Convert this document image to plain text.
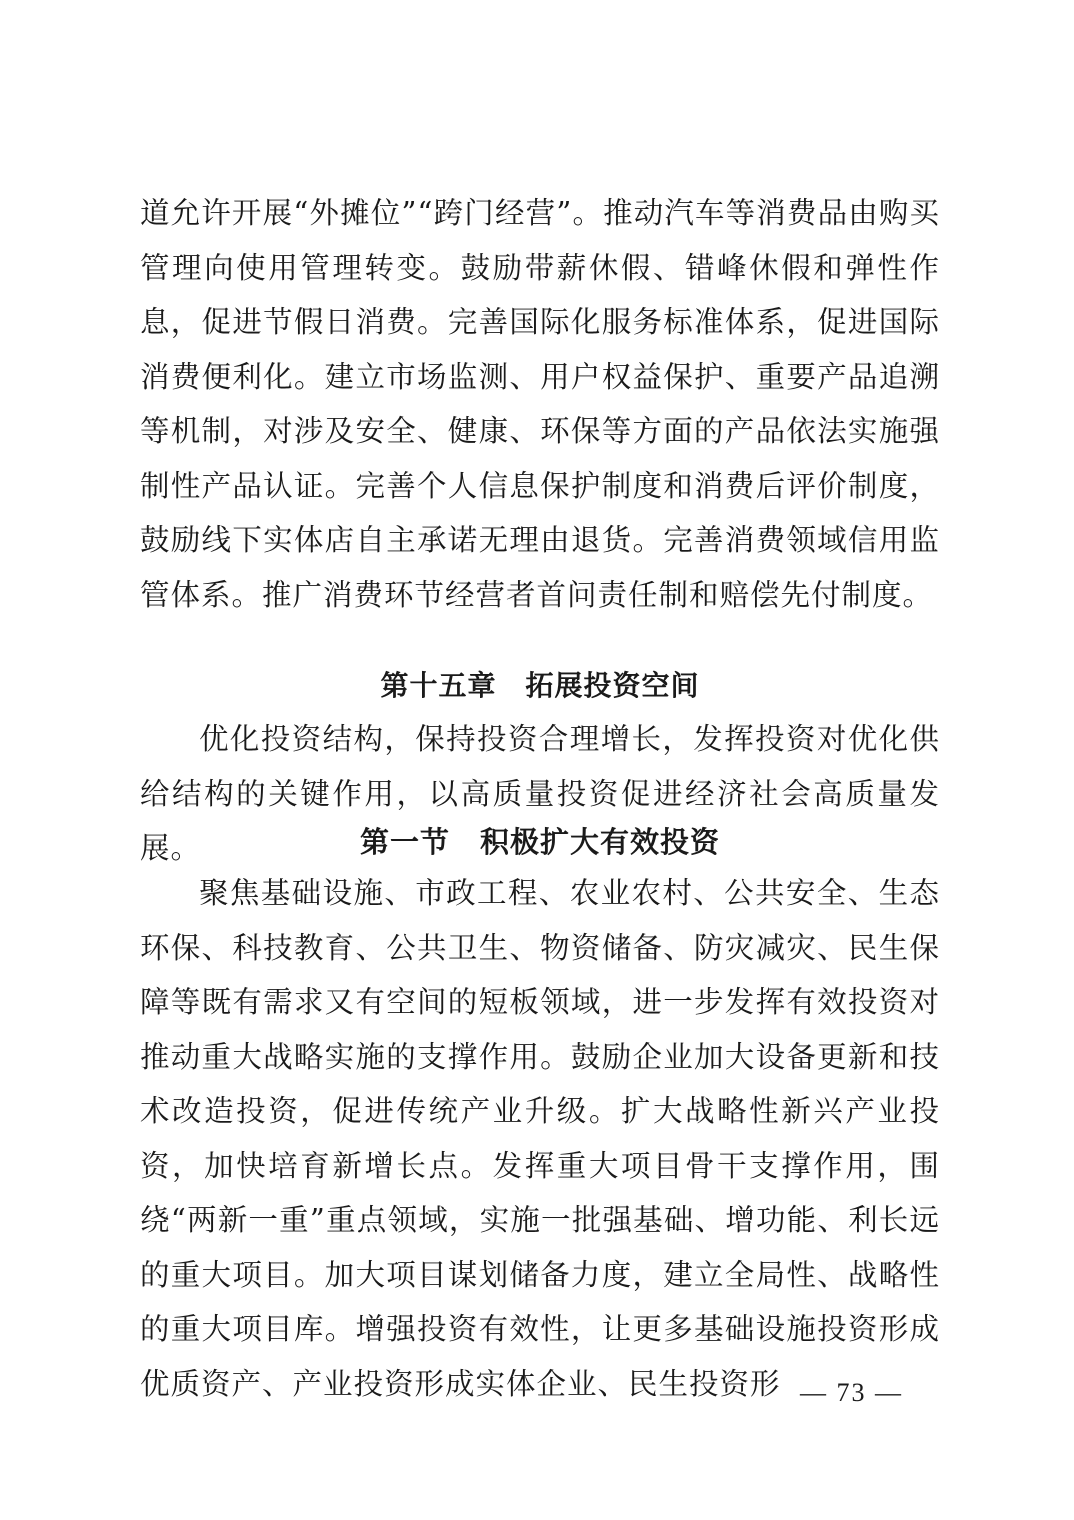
道允许开展“外摊位”“跨门经营”。推动汽车等消费品由购买管理向使用管理转变。鼓励带薪休假、错峰休假和弹性作息，促进节假日消费。完善国际化服务标准体系，促进国际消费便利化。建立市场监测、用户权益保护、重要产品追溯等机制，对涉及安全、健康、环保等方面的产品依法实施强制性产品认证。完善个人信息保护制度和消费后评价制度，鼓励线下实体店自主承诺无理由退货。完善消费领域信用监管体系。推广消费环节经营者首问责任制和赔偿先付制度。

第十五章　拓展投资空间

优化投资结构，保持投资合理增长，发挥投资对优化供给结构的关键作用，以高质量投资促进经济社会高质量发展。	第一节　积极扩大有效投资

聚焦基础设施、市政工程、农业农村、公共安全、生态环保、科技教育、公共卫生、物资储备、防灾减灾、民生保障等既有需求又有空间的短板领域，进一步发挥有效投资对推动重大战略实施的支撑作用。鼓励企业加大设备更新和技术改造投资，促进传统产业升级。扩大战略性新兴产业投资，加快培育新增长点。发挥重大项目骨干支撑作用，围绕“两新一重”重点领域，实施一批强基础、增功能、利长远的重大项目。加大项目谋划储备力度，建立全局性、战略性的重大项目库。增强投资有效性，让更多基础设施投资形成优质资产、产业投资形成实体企业、民生投资形 — 73 —
